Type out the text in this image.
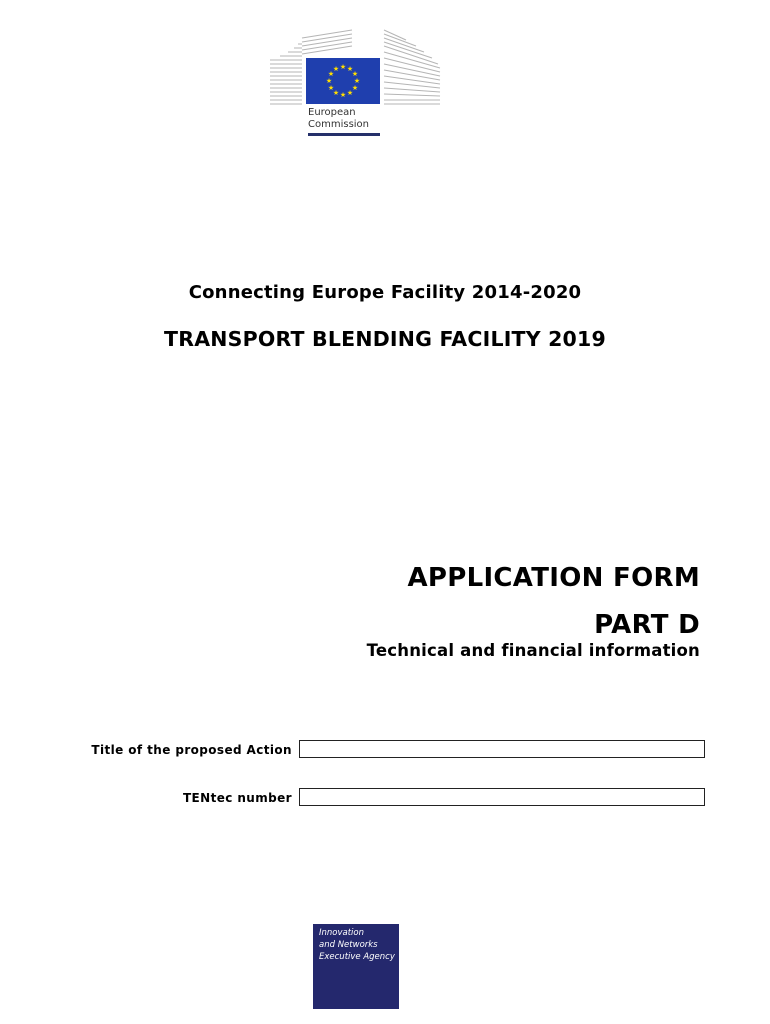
★ ★
★
★
★
★
★
★
★
★
★
★
European
Commission
Connecting Europe Facility 2014-2020
TRANSPORT BLENDING FACILITY 2019
APPLICATION FORM
PART D
Technical and financial information
Title of the proposed Action
TENtec number
Innovation
and Networks
Executive Agency
